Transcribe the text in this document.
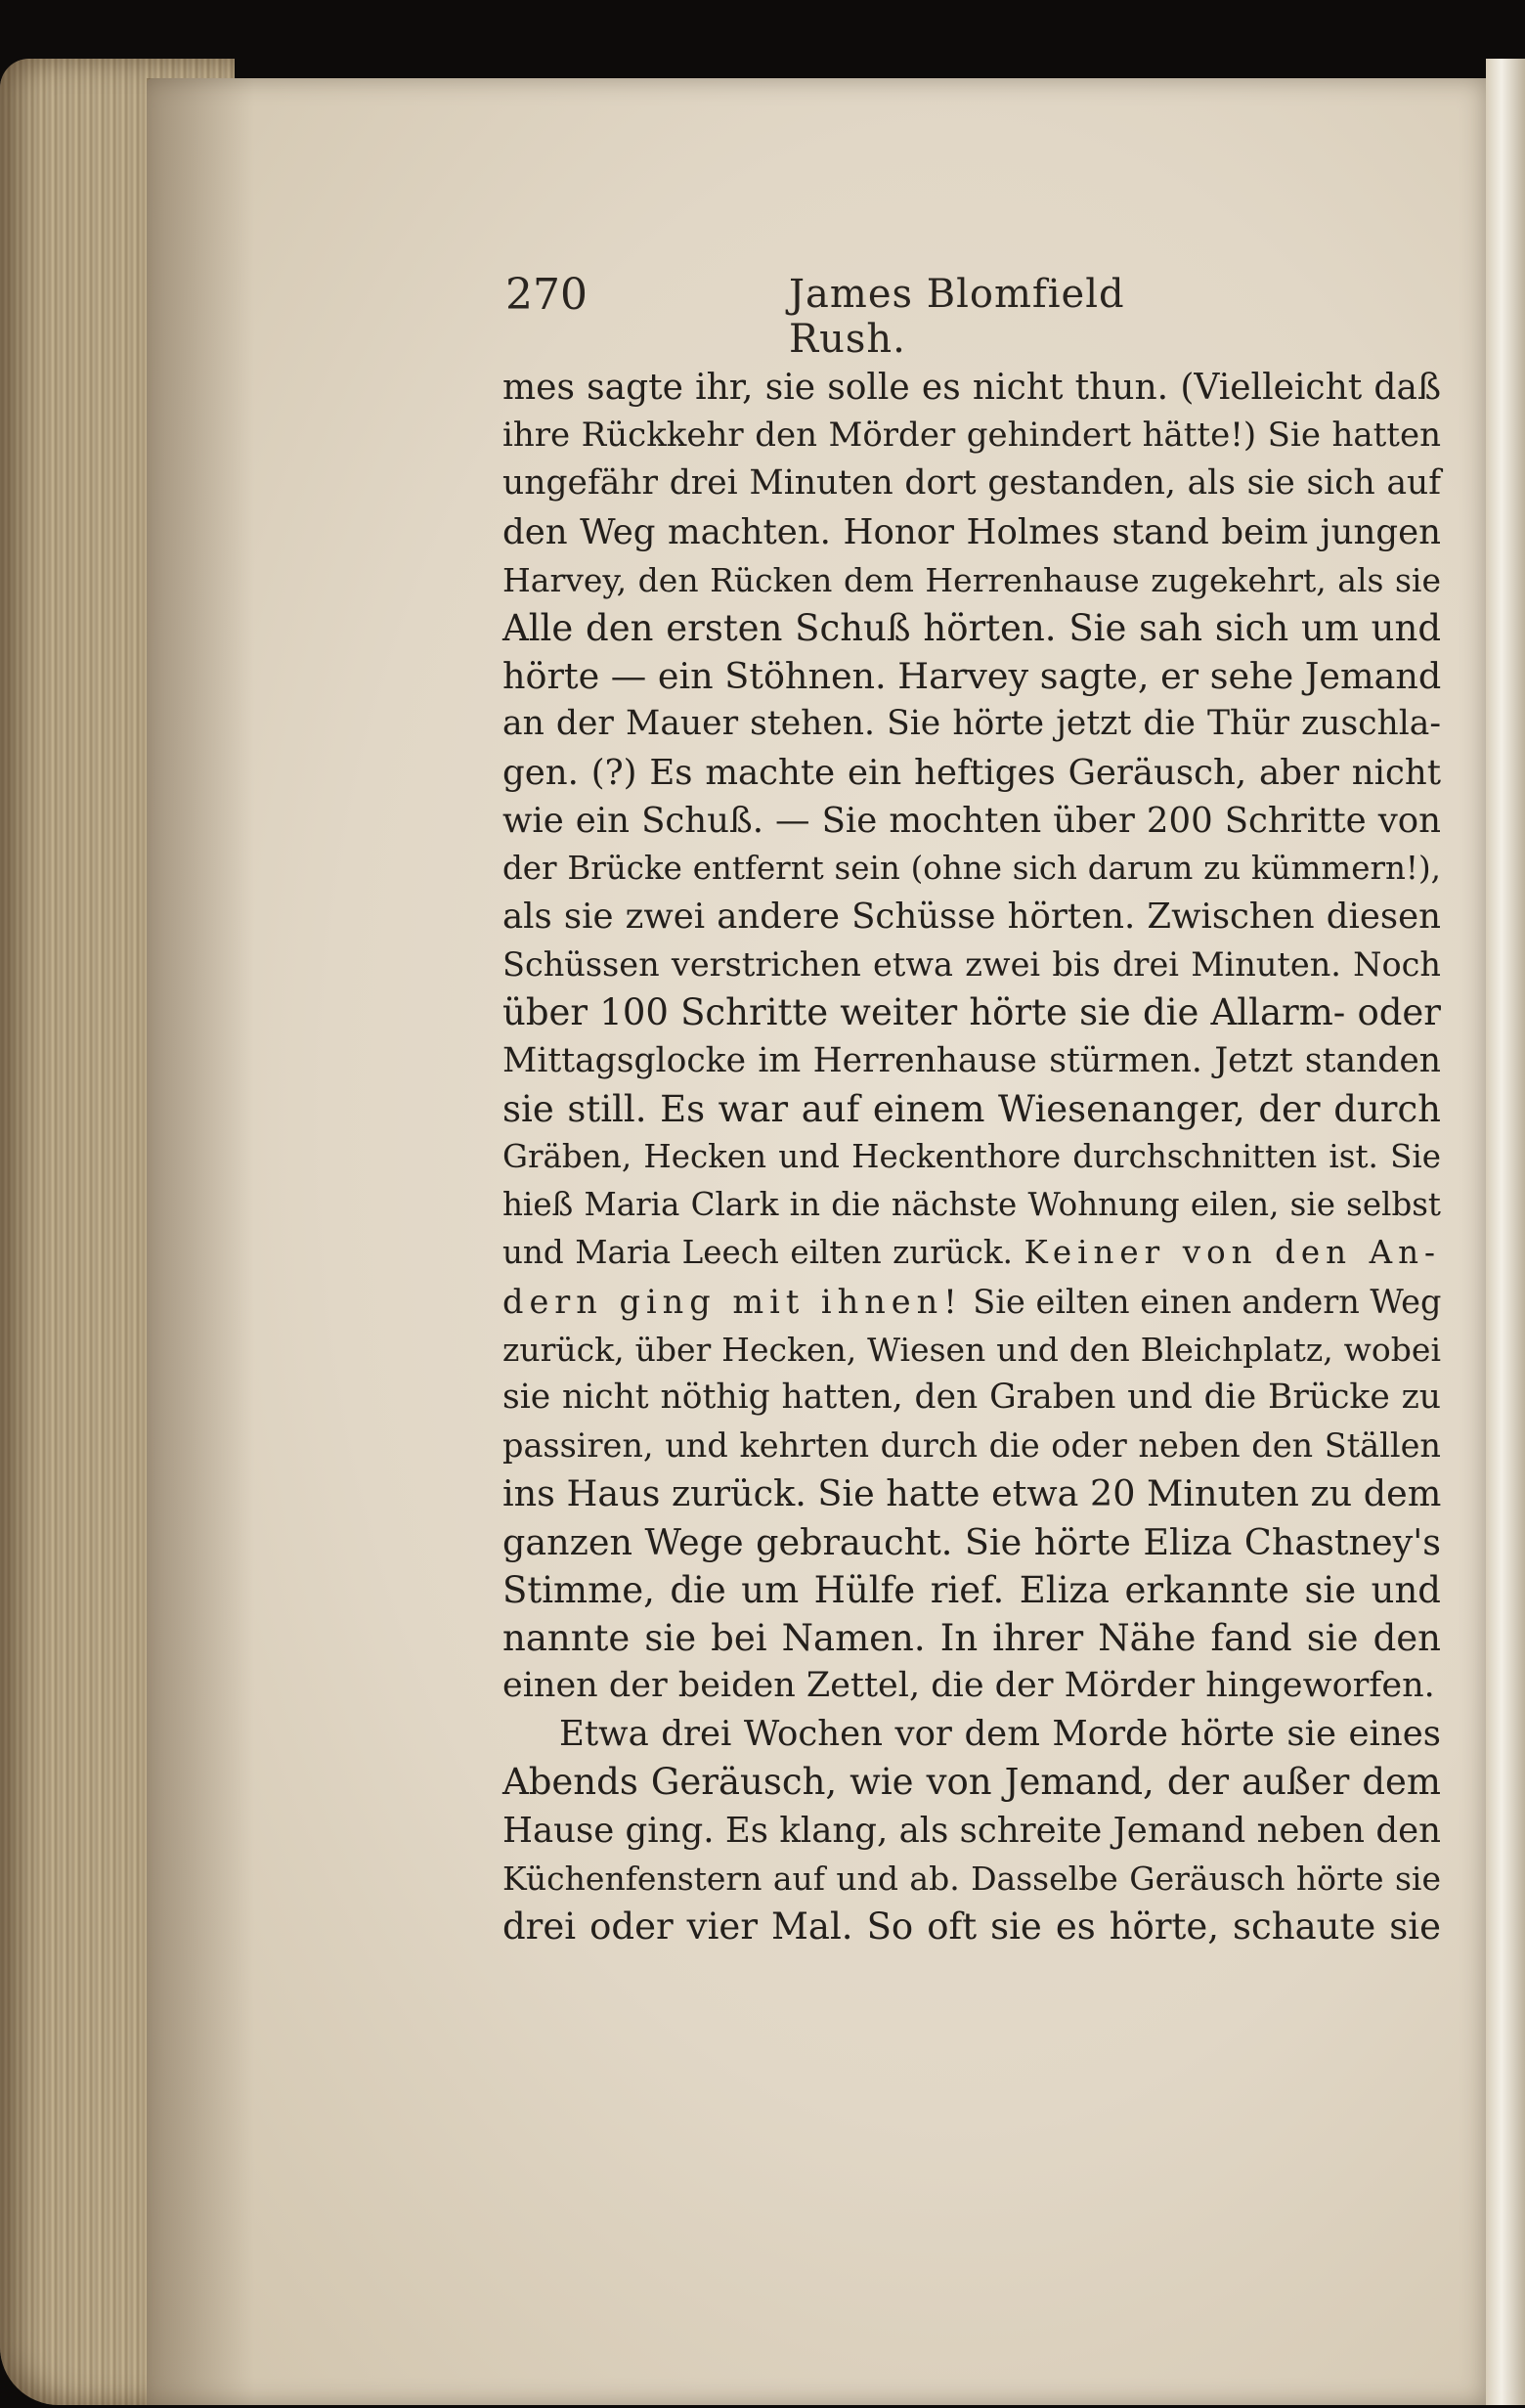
270	James Blomfield Rush.
mes sagte ihr, sie solle es nicht thun. (Vielleicht daß
ihre Rückkehr den Mörder gehindert hätte!) Sie hatten
ungefähr drei Minuten dort gestanden, als sie sich auf
den Weg machten. Honor Holmes stand beim jungen
Harvey, den Rücken dem Herrenhause zugekehrt, als sie
Alle den ersten Schuß hörten. Sie sah sich um und
hörte — ein Stöhnen. Harvey sagte, er sehe Jemand
an der Mauer stehen. Sie hörte jetzt die Thür zuschla-
gen. (?) Es machte ein heftiges Geräusch, aber nicht
wie ein Schuß. — Sie mochten über 200 Schritte von
der Brücke entfernt sein (ohne sich darum zu kümmern!),
als sie zwei andere Schüsse hörten. Zwischen diesen
Schüssen verstrichen etwa zwei bis drei Minuten. Noch
über 100 Schritte weiter hörte sie die Allarm- oder
Mittagsglocke im Herrenhause stürmen. Jetzt standen
sie still. Es war auf einem Wiesenanger, der durch
Gräben, Hecken und Heckenthore durchschnitten ist. Sie
hieß Maria Clark in die nächste Wohnung eilen, sie selbst
und Maria Leech eilten zurück. Keiner von den An-
dern ging mit ihnen! Sie eilten einen andern Weg
zurück, über Hecken, Wiesen und den Bleichplatz, wobei
sie nicht nöthig hatten, den Graben und die Brücke zu
passiren, und kehrten durch die oder neben den Ställen
ins Haus zurück. Sie hatte etwa 20 Minuten zu dem
ganzen Wege gebraucht. Sie hörte Eliza Chastney's
Stimme, die um Hülfe rief. Eliza erkannte sie und
nannte sie bei Namen. In ihrer Nähe fand sie den
einen der beiden Zettel, die der Mörder hingeworfen.
Etwa drei Wochen vor dem Morde hörte sie eines
Abends Geräusch, wie von Jemand, der außer dem
Hause ging. Es klang, als schreite Jemand neben den
Küchenfenstern auf und ab. Dasselbe Geräusch hörte sie
drei oder vier Mal. So oft sie es hörte, schaute sie
